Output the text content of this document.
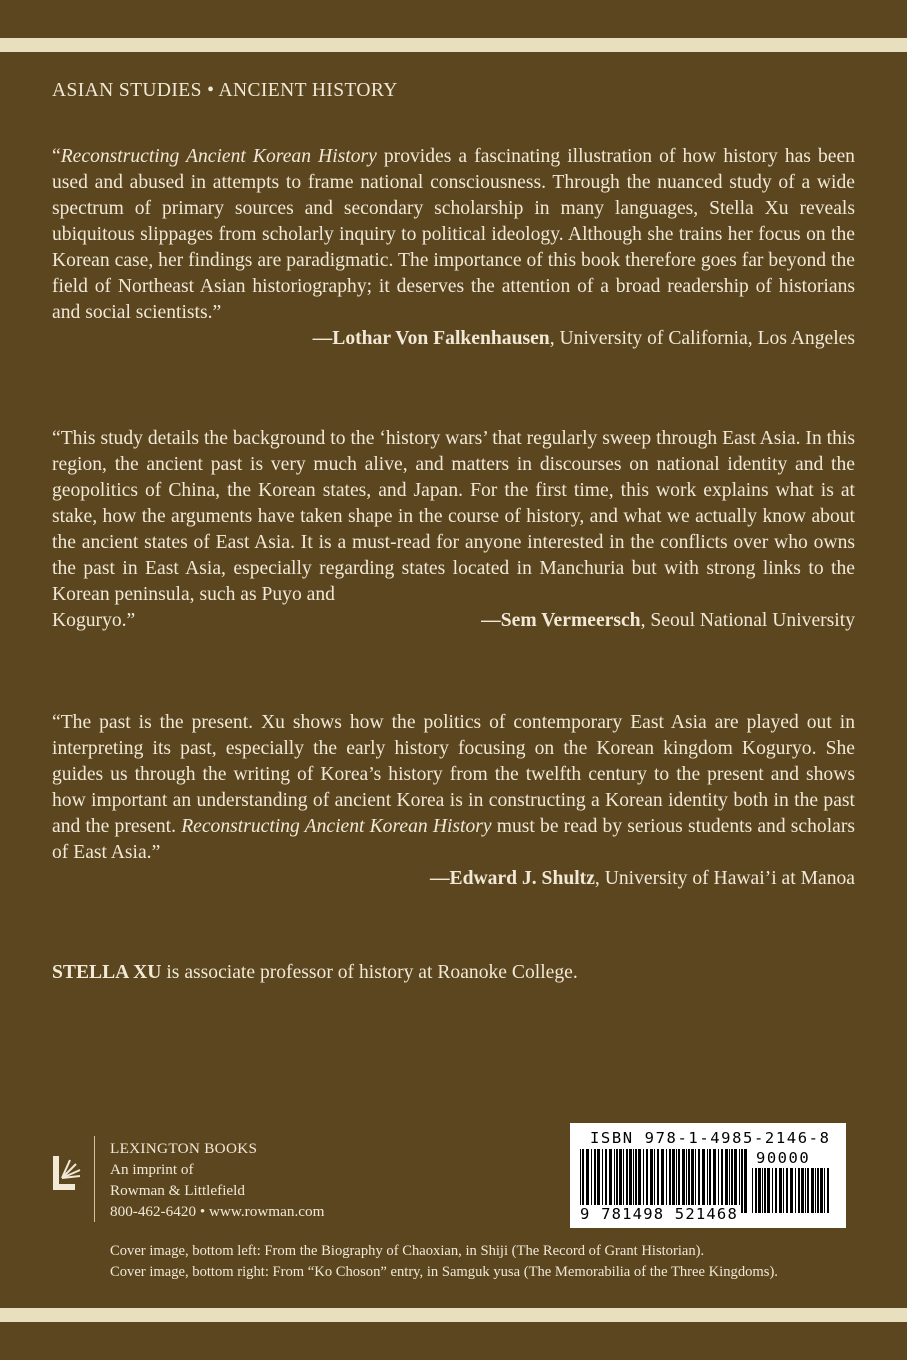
ASIAN STUDIES • ANCIENT HISTORY

“Reconstructing Ancient Korean History provides a fascinating illustration of how history has been used and abused in attempts to frame national consciousness. Through the nuanced study of a wide spectrum of primary sources and secondary scholarship in many languages, Stella Xu reveals ubiquitous slippages from scholarly inquiry to political ideology. Although she trains her focus on the Korean case, her findings are paradigmatic. The importance of this book therefore goes far beyond the field of Northeast Asian historiography; it deserves the attention of a broad readership of historians and social scientists.”

—Lothar Von Falkenhausen, University of California, Los Angeles

“This study details the background to the ‘history wars’ that regularly sweep through East Asia. In this region, the ancient past is very much alive, and matters in discourses on national identity and the geopolitics of China, the Korean states, and Japan. For the first time, this work explains what is at stake, how the arguments have taken shape in the course of history, and what we actually know about the ancient states of East Asia. It is a must-read for anyone interested in the conflicts over who owns the past in East Asia, especially regarding states located in Manchuria but with strong links to the Korean peninsula, such as Puyo and

Koguryo.”	—Sem Vermeersch, Seoul National University

“The past is the present. Xu shows how the politics of contemporary East Asia are played out in interpreting its past, especially the early history focusing on the Korean kingdom Koguryo. She guides us through the writing of Korea’s history from the twelfth century to the present and shows how important an understanding of ancient Korea is in constructing a Korean identity both in the past and the present. Reconstructing Ancient Korean History must be read by serious students and scholars of East Asia.”

—Edward J. Shultz, University of Hawai’i at Manoa

STELLA XU is associate professor of history at Roanoke College.
LEXINGTON BOOKS
An imprint of
Rowman & Littlefield
800-462-6420 • www.rowman.com
ISBN 978-1-4985-2146-8
90000
9 781498 521468
Cover image, bottom left: From the Biography of Chaoxian, in Shiji (The Record of Grant Historian).
Cover image, bottom right: From “Ko Choson” entry, in Samguk yusa (The Memorabilia of the Three Kingdoms).
